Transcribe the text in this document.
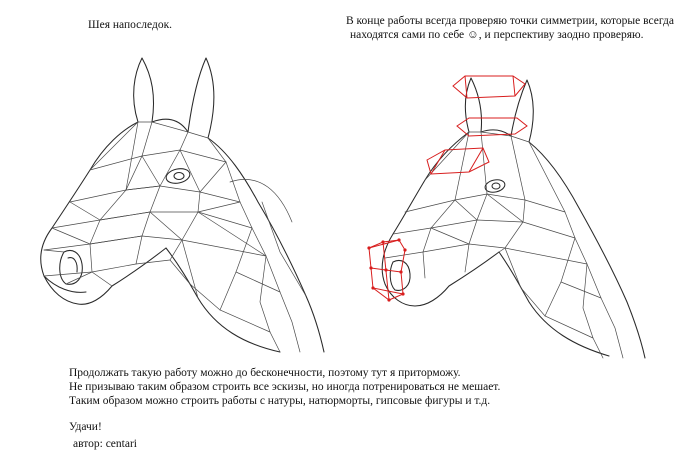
Шея напоследок.	В конце работы всегда проверяю точки симметрии, которые всегда
находятся сами по себе ☺, и перспективу заодно проверяю.
Продолжать такую работу можно до бесконечности, поэтому тут я приторможу.
Не призываю таким образом строить все эскизы, но иногда потренироваться не мешает.
Таким образом можно строить работы с натуры, натюрморты, гипсовые фигуры и т.д.
Удачи!
автор: centari
